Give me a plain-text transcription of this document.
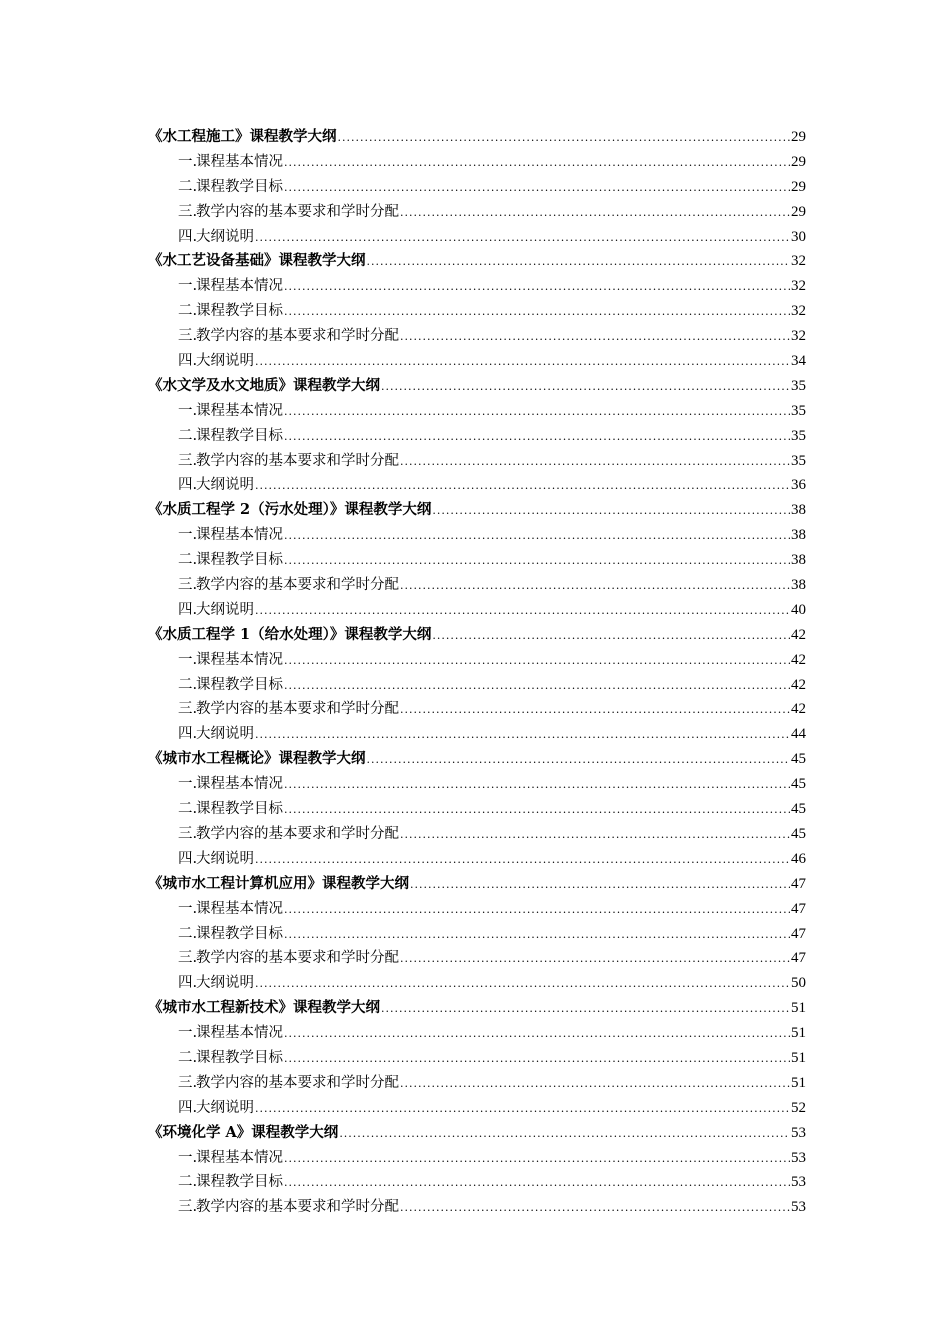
《水工程施工》课程教学大纲 .....	29
一.课程基本情况 .....	29
二.课程教学目标 .....	29
三.教学内容的基本要求和学时分配 .....	29
四.大纲说明 .....	30
《水工艺设备基础》课程教学大纲 .....	32
一.课程基本情况 .....	32
二.课程教学目标 .....	32
三.教学内容的基本要求和学时分配 .....	32
四.大纲说明 .....	34
《水文学及水文地质》课程教学大纲 .....	35
一.课程基本情况 .....	35
二.课程教学目标 .....	35
三.教学内容的基本要求和学时分配 .....	35
四.大纲说明 .....	36
《水质工程学 2（污水处理）》课程教学大纲 .....	38
一.课程基本情况 .....	38
二.课程教学目标 .....	38
三.教学内容的基本要求和学时分配 .....	38
四.大纲说明 .....	40
《水质工程学 1（给水处理）》课程教学大纲 .....	42
一.课程基本情况 .....	42
二.课程教学目标 .....	42
三.教学内容的基本要求和学时分配 .....	42
四.大纲说明 .....	44
《城市水工程概论》课程教学大纲 .....	45
一.课程基本情况 .....	45
二.课程教学目标 .....	45
三.教学内容的基本要求和学时分配 .....	45
四.大纲说明 .....	46
《城市水工程计算机应用》课程教学大纲 .....	47
一.课程基本情况 .....	47
二.课程教学目标 .....	47
三.教学内容的基本要求和学时分配 .....	47
四.大纲说明 .....	50
《城市水工程新技术》课程教学大纲 .....	51
一.课程基本情况 .....	51
二.课程教学目标 .....	51
三.教学内容的基本要求和学时分配 .....	51
四.大纲说明 .....	52
《环境化学 A》课程教学大纲 .....	53
一.课程基本情况 .....	53
二.课程教学目标 .....	53
三.教学内容的基本要求和学时分配 .....	53
